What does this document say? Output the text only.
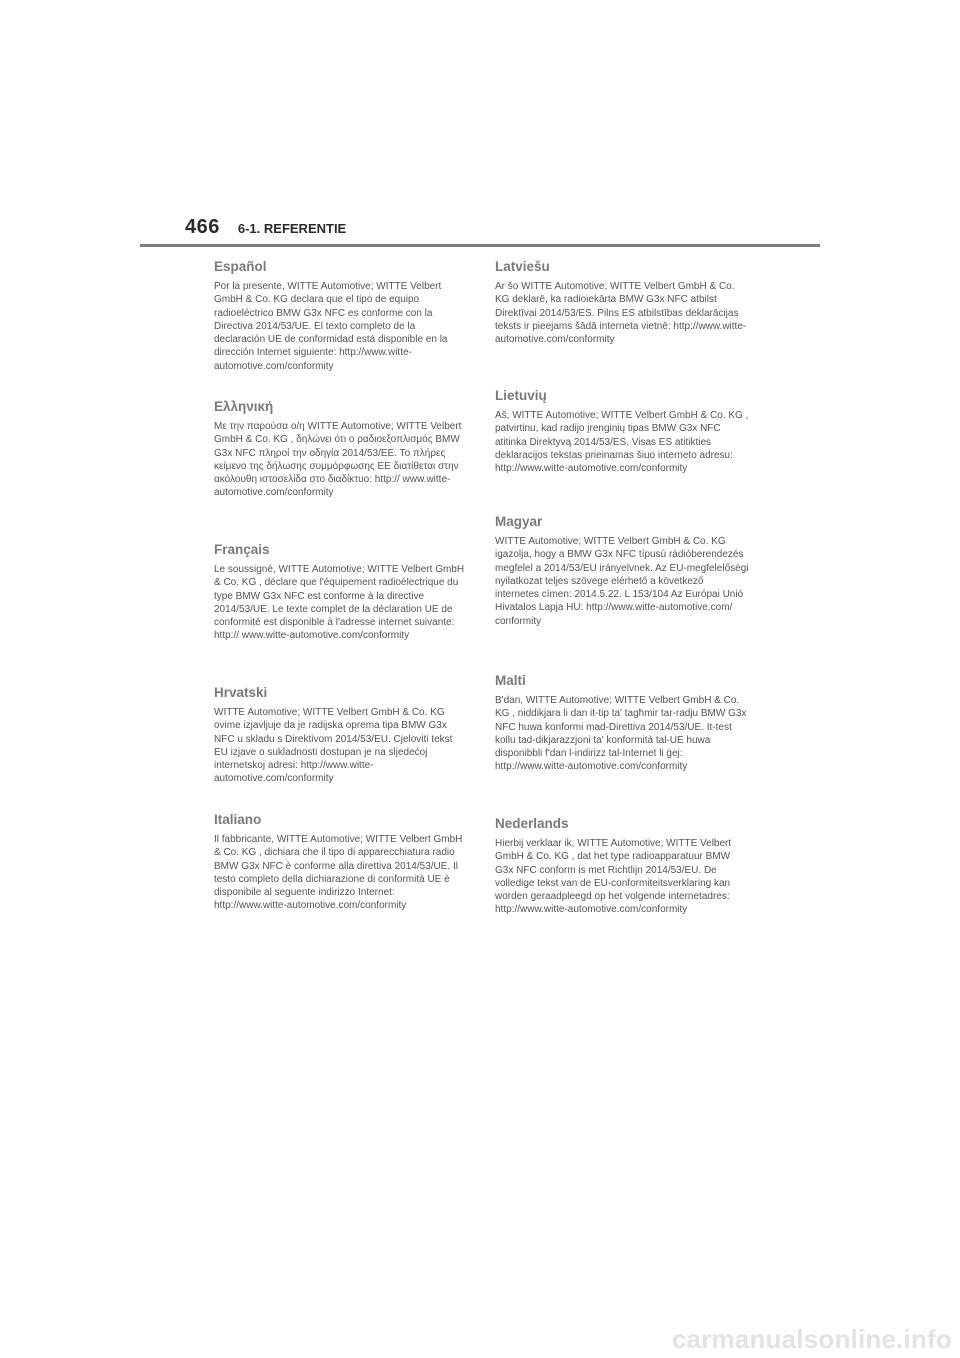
466 6-1. REFERENTIE
Español

Por la presente, WITTE Automotive; WITTE Velbert GmbH & Co. KG declara que el tipo de equipo radioeléctrico BMW G3x NFC es conforme con la Directiva 2014/53/UE. El texto completo de la declaración UE de conformidad está disponible en la dirección Internet siguiente: http://www.witte-automotive.com/conformity

Ελληνική

Με την παρούσα ο/η WITTE Automotive; WITTE Velbert GmbH & Co. KG , δηλώνει ότι ο ραδιοεξοπλισμός BMW G3x NFC πληροί την οδηγία 2014/53/ΕΕ. Το πλήρες κείμενο της δήλωσης συμμόρφωσης ΕΕ διατίθεται στην ακόλουθη ιστοσελίδα στο διαδίκτυο: http:// www.witte-automotive.com/conformity

Français

Le soussigné, WITTE Automotive; WITTE Velbert GmbH & Co. KG , déclare que l'équipement radioélectrique du type BMW G3x NFC est conforme à la directive 2014/53/UE. Le texte complet de la déclaration UE de conformité est disponible à l'adresse internet suivante: http:// www.witte-automotive.com/conformity

Hrvatski

WITTE Automotive; WITTE Velbert GmbH & Co. KG ovime izjavljuje da je radijska oprema tipa BMW G3x NFC u skladu s Direktivom 2014/53/EU. Cjeloviti tekst EU izjave o sukladnosti dostupan je na sljedećoj internetskoj adresi: http://www.witte-automotive.com/conformity

Italiano

Il fabbricante, WITTE Automotive; WITTE Velbert GmbH & Co. KG , dichiara che il tipo di apparecchiatura radio BMW G3x NFC è conforme alla direttiva 2014/53/UE. Il testo completo della dichiarazione di conformità UE è disponibile al seguente indirizzo Internet: http://www.witte-automotive.com/conformity

Latviešu

Ar šo WITTE Automotive; WITTE Velbert GmbH & Co. KG deklarē, ka radioiekārta BMW G3x NFC atbilst Direktīvai 2014/53/ES. Pilns ES atbilstības deklarācijas teksts ir pieejams šādā interneta vietnē: http://www.witte-automotive.com/conformity

Lietuvių

Aš, WITTE Automotive; WITTE Velbert GmbH & Co. KG , patvirtinu, kad radijo įrenginių tipas BMW G3x NFC atitinka Direktyvą 2014/53/ES. Visas ES atitikties deklaracijos tekstas prieinamas šiuo interneto adresu: http://www.witte-automotive.com/conformity

Magyar

WITTE Automotive; WITTE Velbert GmbH & Co. KG igazolja, hogy a BMW G3x NFC típusú rádióberendezés megfelel a 2014/53/EU irányelvnek. Az EU-megfelelőségi nyilatkozat teljes szövege elérhető a következő internetes címen: 2014.5.22. L 153/104 Az Európai Unió Hivatalos Lapja HU: http://www.witte-automotive.com/ conformity

Malti

B'dan, WITTE Automotive; WITTE Velbert GmbH & Co. KG , niddikjara li dan it-tip ta' tagħmir tar-radju BMW G3x NFC huwa konformi mad-Direttiva 2014/53/UE. It-test kollu tad-dikjarazzjoni ta' konformità tal-UE huwa disponibbli f'dan l-indirizz tal-Internet li ġej: http://www.witte-automotive.com/conformity

Nederlands

Hierbij verklaar ik, WITTE Automotive; WITTE Velbert GmbH & Co. KG , dat het type radioapparatuur BMW G3x NFC conform is met Richtlijn 2014/53/EU. De volledige tekst van de EU-conformiteitsverklaring kan worden geraadpleegd op het volgende internetadres: http://www.witte-automotive.com/conformity

carmanualsonline.info
